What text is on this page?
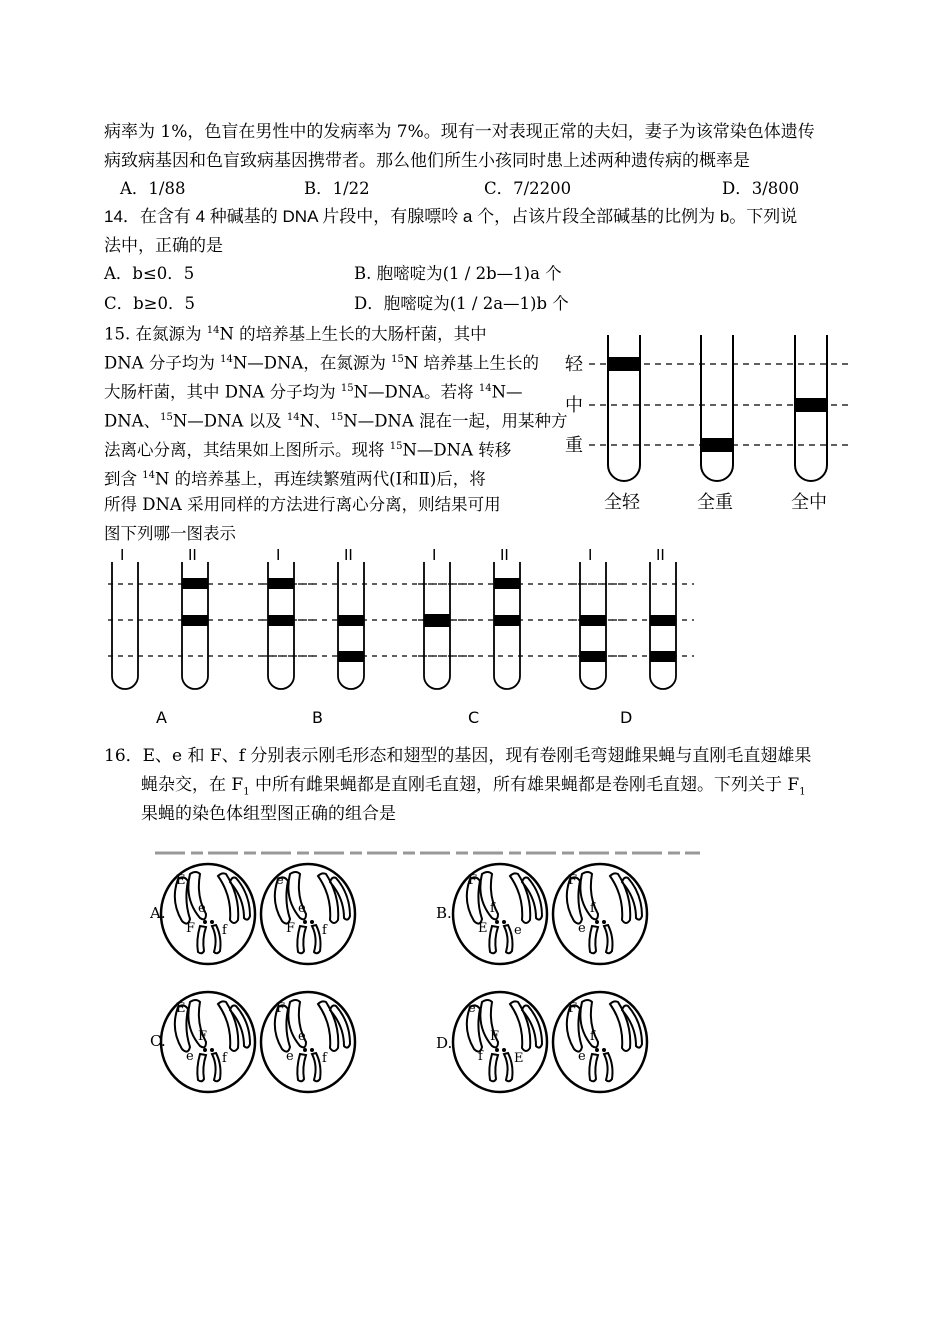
病率为 1%，色盲在男性中的发病率为 7%。现有一对表现正常的夫妇，妻子为该常染色体遗传
病致病基因和色盲致病基因携带者。那么他们所生小孩同时患上述两种遗传病的概率是
A．1/88	B．1/22	C．7/2200	D．3/800
14．在含有 4 种碱基的 DNA 片段中，有腺嘌呤 a 个，占该片段全部碱基的比例为 b。下列说
法中，正确的是
A．b≤0．5	B. 胞嘧啶为(1 / 2b—1)a 个
C．b≥0．5	D．胞嘧啶为(1 / 2a—1)b 个
15. 在氮源为 $^{14}$N 的培养基上生长的大肠杆菌，其中
DNA 分子均为 $^{14}$N—DNA，在氮源为 $^{15}$N 培养基上生长的
大肠杆菌，其中 DNA 分子均为 $^{15}$N—DNA。若将 $^{14}$N—
DNA、$^{15}$N—DNA 以及 $^{14}$N、$^{15}$N—DNA 混在一起，用某种方
法离心分离，其结果如上图所示。现将 $^{15}$N—DNA 转移
到含 $^{14}$N 的培养基上，再连续繁殖两代(Ⅰ和Ⅱ)后，将
所得 DNA 采用同样的方法进行离心分离，则结果可用
图下列哪一图表示
轻
中
重
全轻	全重	全中
I	II	I	II	I	II	I	II
A	B	C	D
16．E、e 和 F、f 分别表示刚毛形态和翅型的基因，现有卷刚毛弯翅雌果蝇与直刚毛直翅雄果
蝇杂交，在 $F_1$ 中所有雌果蝇都是直刚毛直翅，所有雄果蝇都是卷刚毛直翅。下列关于 $F_1$
果蝇的染色体组型图正确的组合是
E
e
F f
e
e
F f
F
f
E e
F
f
e
E
F
e f
F
e
e f
e
F
f E
F
f
e
A.	B.
C.	D.
